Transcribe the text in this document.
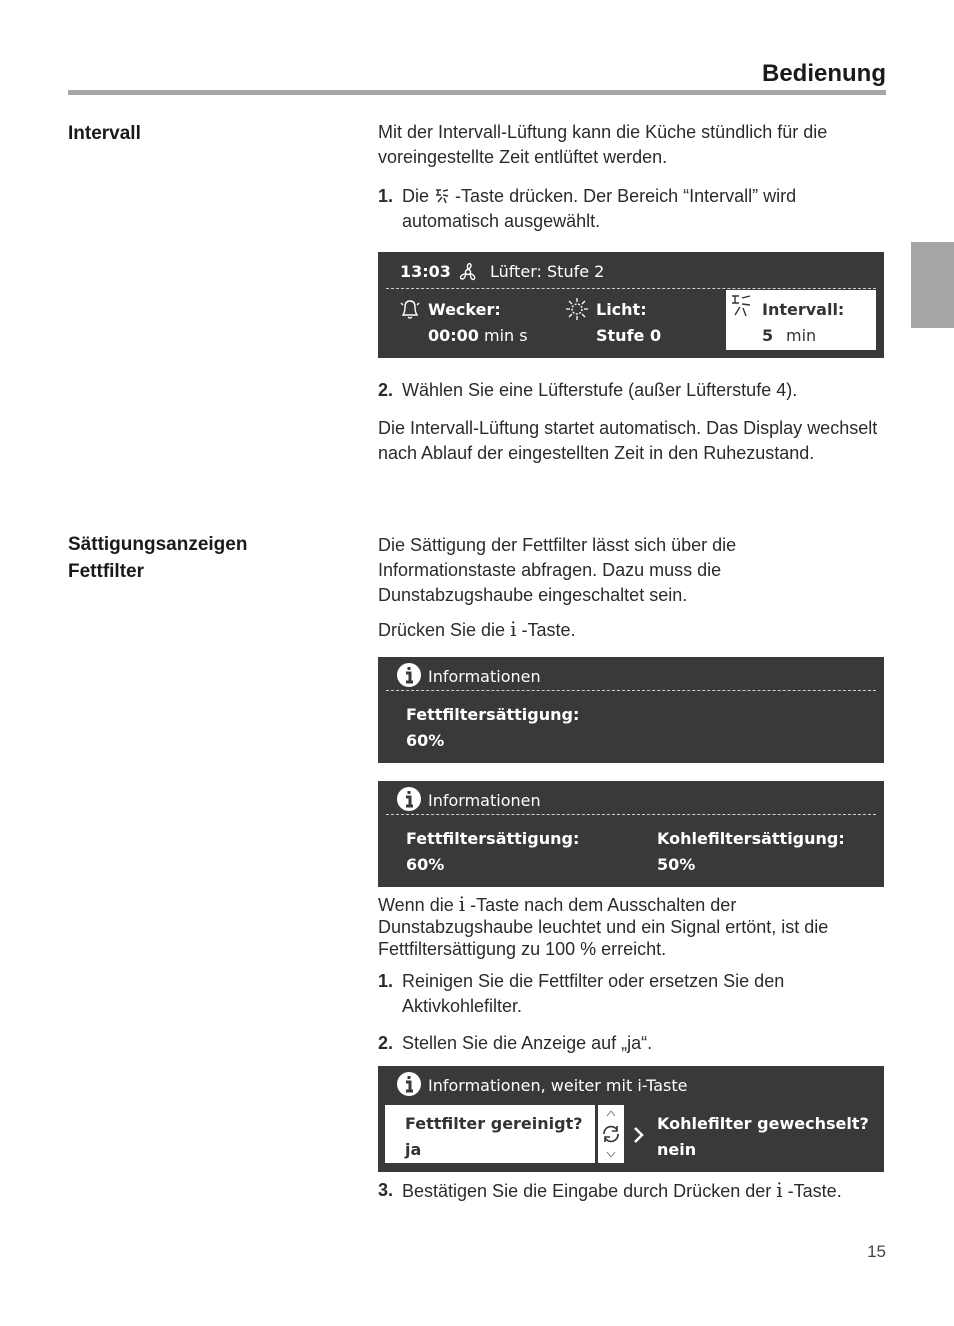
Bedienung
Intervall	Mit der Intervall-Lüftung kann die Küche stündlich für die voreingestellte Zeit entlüftet werden.
1. Die -Taste drücken. Der Bereich “Intervall” wird automatisch ausgewählt.
13:03 Lüfter: Stufe 2
Wecker:
00:00 min s
Licht:
Stufe 0
Intervall:
5 min
2. Wählen Sie eine Lüfterstufe (außer Lüfterstufe 4).
Die Intervall-Lüftung startet automatisch. Das Display wechselt nach Ablauf der eingestellten Zeit in den Ruhezustand.
Sättigungsanzeigen
Fettfilter
Die Sättigung der Fettfilter lässt sich über die Informationstaste abfragen. Dazu muss die Dunstabzugshaube eingeschaltet sein.
Drücken Sie die i -Taste.
Informationen
Fettfiltersättigung:
60%
Informationen
Fettfiltersättigung:
60%
Kohlefiltersättigung:
50%
Wenn die i -Taste nach dem Ausschalten der Dunstabzugshaube leuchtet und ein Signal ertönt, ist die Fettfiltersättigung zu 100 % erreicht.
1. Reinigen Sie die Fettfilter oder ersetzen Sie den Aktivkohlefilter.
2. Stellen Sie die Anzeige auf „ja“.
Informationen, weiter mit i-Taste
Fettfilter gereinigt?
ja
Kohlefilter gewechselt?
nein
3. Bestätigen Sie die Eingabe durch Drücken der i -Taste.
15
